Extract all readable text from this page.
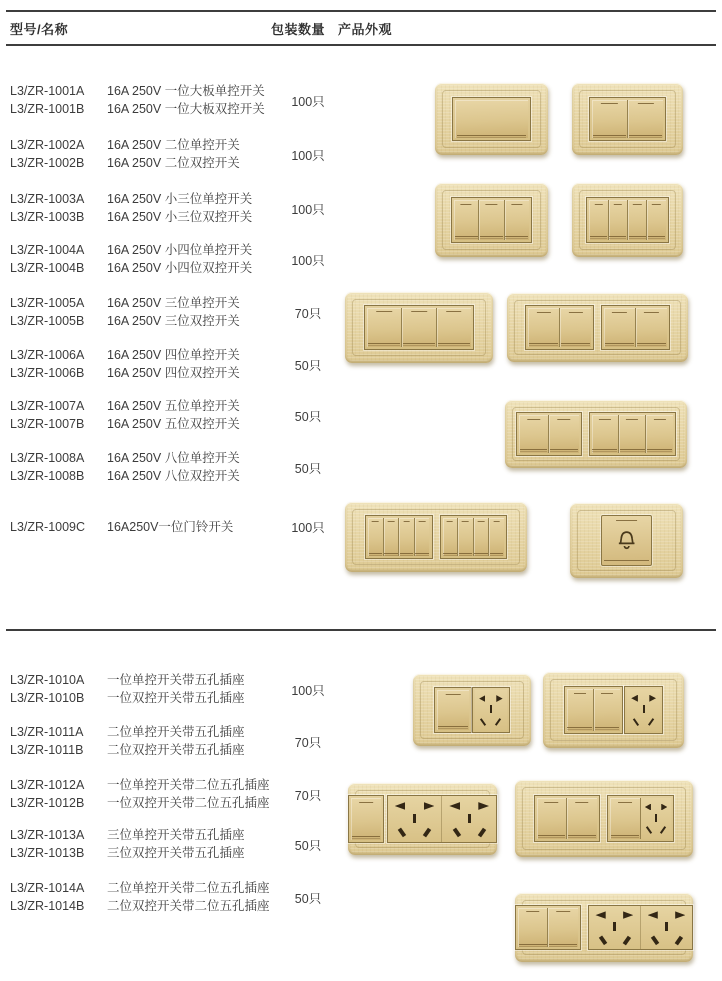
型号/名称	包装数量 产品外观
L3/ZR-1001A	16A 250V 一位大板单控开关
L3/ZR-1001B	16A 250V 一位大板双控开关	100只
L3/ZR-1002A	16A 250V 二位单控开关
L3/ZR-1002B	16A 250V 二位双控开关	100只
L3/ZR-1003A	16A 250V 小三位单控开关
L3/ZR-1003B	16A 250V 小三位双控开关	100只
L3/ZR-1004A	16A 250V 小四位单控开关
L3/ZR-1004B	16A 250V 小四位双控开关	100只
L3/ZR-1005A	16A 250V 三位单控开关
L3/ZR-1005B	16A 250V 三位双控开关	70只
L3/ZR-1006A	16A 250V 四位单控开关
L3/ZR-1006B	16A 250V 四位双控开关	50只
L3/ZR-1007A	16A 250V 五位单控开关
L3/ZR-1007B	16A 250V 五位双控开关	50只
L3/ZR-1008A	16A 250V 八位单控开关
L3/ZR-1008B	16A 250V 八位双控开关	50只
L3/ZR-1009C	16A250V一位门铃开关	100只
L3/ZR-1010A	一位单控开关带五孔插座
L3/ZR-1010B	一位双控开关带五孔插座	100只
L3/ZR-1011A	二位单控开关带五孔插座
L3/ZR-1011B	二位双控开关带五孔插座	70只
L3/ZR-1012A	一位单控开关带二位五孔插座
L3/ZR-1012B	一位双控开关带二位五孔插座	70只
L3/ZR-1013A	三位单控开关带五孔插座
L3/ZR-1013B	三位双控开关带五孔插座	50只
L3/ZR-1014A	二位单控开关带二位五孔插座
L3/ZR-1014B	二位双控开关带二位五孔插座	50只
